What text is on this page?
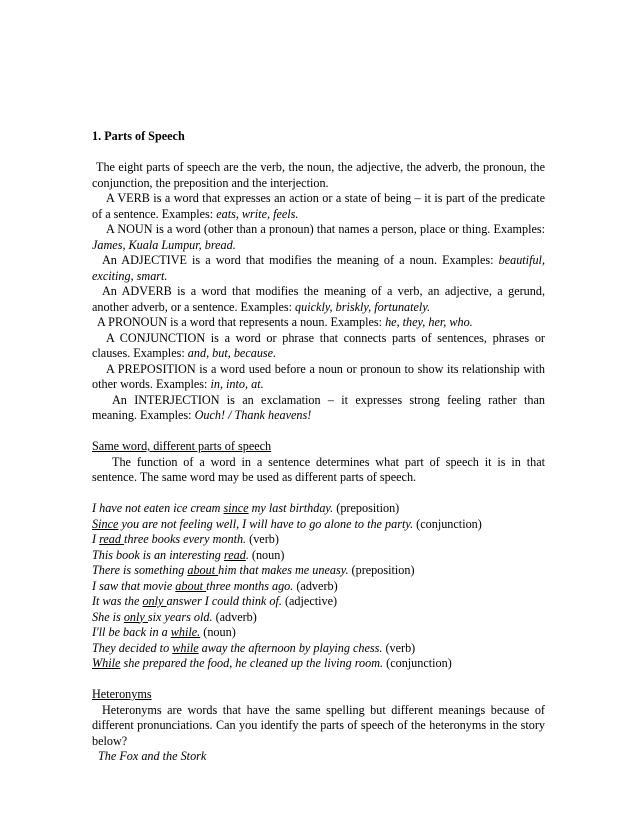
1. Parts of Speech

The eight parts of speech are the verb, the noun, the adjective, the adverb, the pronoun, the conjunction, the preposition and the interjection.

A VERB is a word that expresses an action or a state of being – it is part of the predicate of a sentence. Examples: eats, write, feels.

A NOUN is a word (other than a pronoun) that names a person, place or thing. Examples: James, Kuala Lumpur, bread.

An ADJECTIVE is a word that modifies the meaning of a noun. Examples: beautiful, exciting, smart.

An ADVERB is a word that modifies the meaning of a verb, an adjective, a gerund, another adverb, or a sentence. Examples: quickly, briskly, fortunately.

A PRONOUN is a word that represents a noun. Examples: he, they, her, who.

A CONJUNCTION is a word or phrase that connects parts of sentences, phrases or clauses. Examples: and, but, because.

A PREPOSITION is a word used before a noun or pronoun to show its relationship with other words. Examples: in, into, at.

An INTERJECTION is an exclamation – it expresses strong feeling rather than meaning. Examples: Ouch! / Thank heavens!

Same word, different parts of speech

The function of a word in a sentence determines what part of speech it is in that sentence. The same word may be used as different parts of speech.

I have not eaten ice cream since my last birthday. (preposition)
Since you are not feeling well, I will have to go alone to the party. (conjunction)
I read three books every month. (verb)
This book is an interesting read. (noun)
There is something about him that makes me uneasy. (preposition)
I saw that movie about three months ago. (adverb)
It was the only answer I could think of. (adjective)
She is only six years old. (adverb)
I'll be back in a while. (noun)
They decided to while away the afternoon by playing chess. (verb)
While she prepared the food, he cleaned up the living room. (conjunction)

Heteronyms

Heteronyms are words that have the same spelling but different meanings because of different pronunciations. Can you identify the parts of speech of the heteronyms in the story below?

The Fox and the Stork
